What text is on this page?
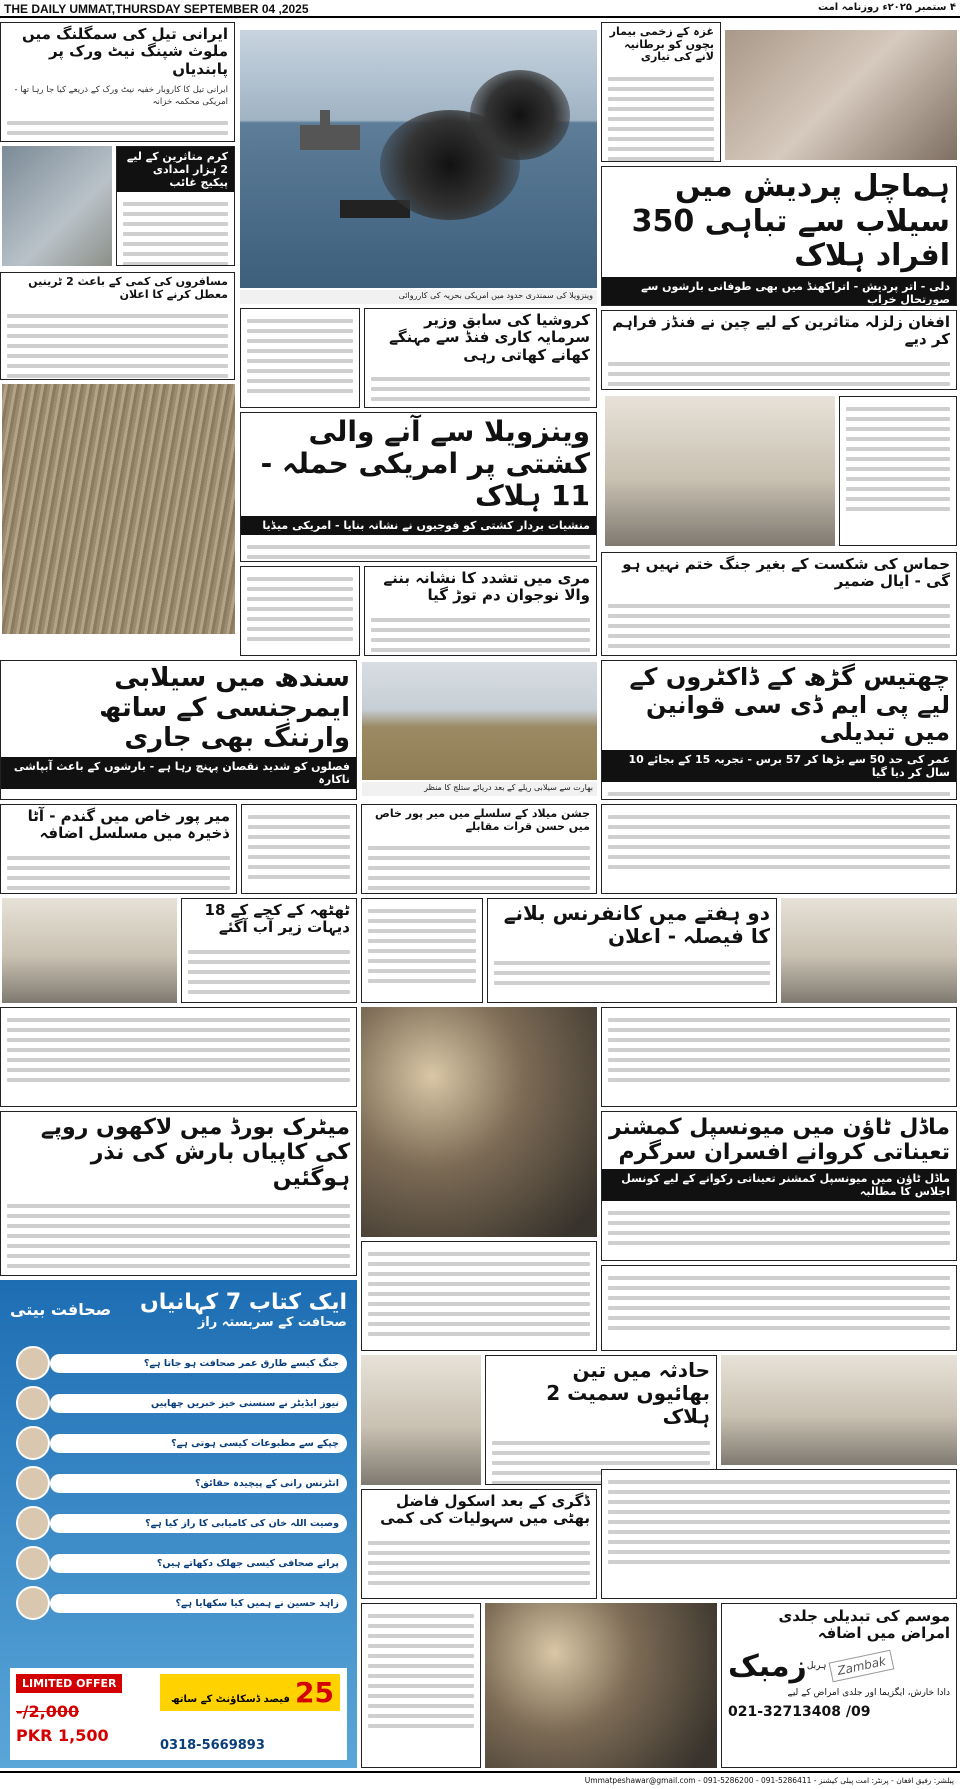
THE DAILY UMMAT,THURSDAY SEPTEMBER 04 ,2025	۴ ستمبر ۲۰۲۵ء روزنامہ امت
ایرانی تیل کی سمگلنگ میں ملوث شپنگ نیٹ ورک پر پابندیاں
ایرانی تیل کا کاروبار خفیہ نیٹ ورک کے ذریعے کیا جا رہا تھا - امریکی محکمہ خزانہ
کرم متاثرین کے لیے 2 ہزار امدادی پیکیج غائب
مسافروں کی کمی کے باعث 2 ٹرینیں معطل کرنے کا اعلان	وینزویلا کی سمندری حدود میں امریکی بحریہ کی کارروائی
کروشیا کی سابق وزیر سرمایہ کاری فنڈ سے مہنگے کھانے کھاتی رہی
وینزویلا سے آنے والی کشتی پر امریکی حملہ - 11 ہلاک
منشیات بردار کشتی کو فوجیوں نے نشانہ بنایا - امریکی میڈیا
مری میں تشدد کا نشانہ بننے والا نوجوان دم توڑ گیا
غزہ کے زخمی بیمار بچوں کو برطانیہ لانے کی تیاری
ہماچل پردیش میں سیلاب سے تباہی 350 افراد ہلاک
دلی - اتر پردیش - اتراکھنڈ میں بھی طوفانی بارشوں سے صورتحال خراب
افغان زلزلہ متاثرین کے لیے چین نے فنڈز فراہم کر دیے
حماس کی شکست کے بغیر جنگ ختم نہیں ہو گی - ایال ضمیر
سندھ میں سیلابی ایمرجنسی کے ساتھ وارننگ بھی جاری
فصلوں کو شدید نقصان پہنچ رہا ہے - بارشوں کے باعث آبپاشی ناکارہ
بھارت سے سیلابی ریلے کے بعد دریائے ستلج کا منظر
چھتیس گڑھ کے ڈاکٹروں کے لیے پی ایم ڈی سی قوانین میں تبدیلی
عمر کی حد 50 سے بڑھا کر 57 برس - تجربہ 15 کے بجائے 10 سال کر دیا گیا
میر پور خاص میں گندم - آٹا ذخیرہ میں مسلسل اضافہ
جشن میلاد کے سلسلے میں میر پور خاص میں حسن قرات مقابلے
ٹھٹھہ کے کچے کے 18 دیہات زیر آب آگئے
دو ہفتے میں کانفرنس بلانے کا فیصلہ - اعلان
میٹرک بورڈ میں لاکھوں روپے کی کاپیاں بارش کی نذر ہوگئیں
ماڈل ٹاؤن میں میونسپل کمشنر تعیناتی کروانے افسران سرگرم
ماڈل ٹاؤن میں میونسپل کمشنر تعیناتی رکوانے کے لیے کونسل اجلاس کا مطالبہ
ایک کتاب 7 کہانیاں
صحافت کے سربستہ راز
صحافت بیتی
جنگ کیسے طارق عمر صحافت ہو جاتا ہے؟
نیوز ایڈیٹر نے سنسنی خیز خبریں چھاپیں
چپکے سے مطبوعات کیسی ہوتی ہے؟
انٹرنس رانی کے پیچیدہ حقائق؟
وصیت اللہ خان کی کامیابی کا راز کیا ہے؟
پرانے صحافی کیسی جھلک دکھاتے ہیں؟
زاہد حسین نے ہمیں کیا سکھایا ہے؟
LIMITED OFFER
2,000/-
PKR 1,500
25 فیصد ڈسکاؤنٹ کے ساتھ
1500 روپے میں گھر بیٹھے حاصل کریں
0318-5669893
حادثہ میں تین بھائیوں سمیت 2 ہلاک
ڈگری کے بعد اسکول فاضل بھٹی میں سہولیات کی کمی
موسم کی تبدیلی جلدی امراض میں اضافہ
زمبک ہربل Zambak
دادا خارش، ایگزیما اور جلدی امراض کے لیے
021-32713408 /09
پبلشر: رفیق افغان - پرنٹر: امت پبلی کیشنز - Ummatpeshawar@gmail.com - 091-5286200 - 091-5286411
